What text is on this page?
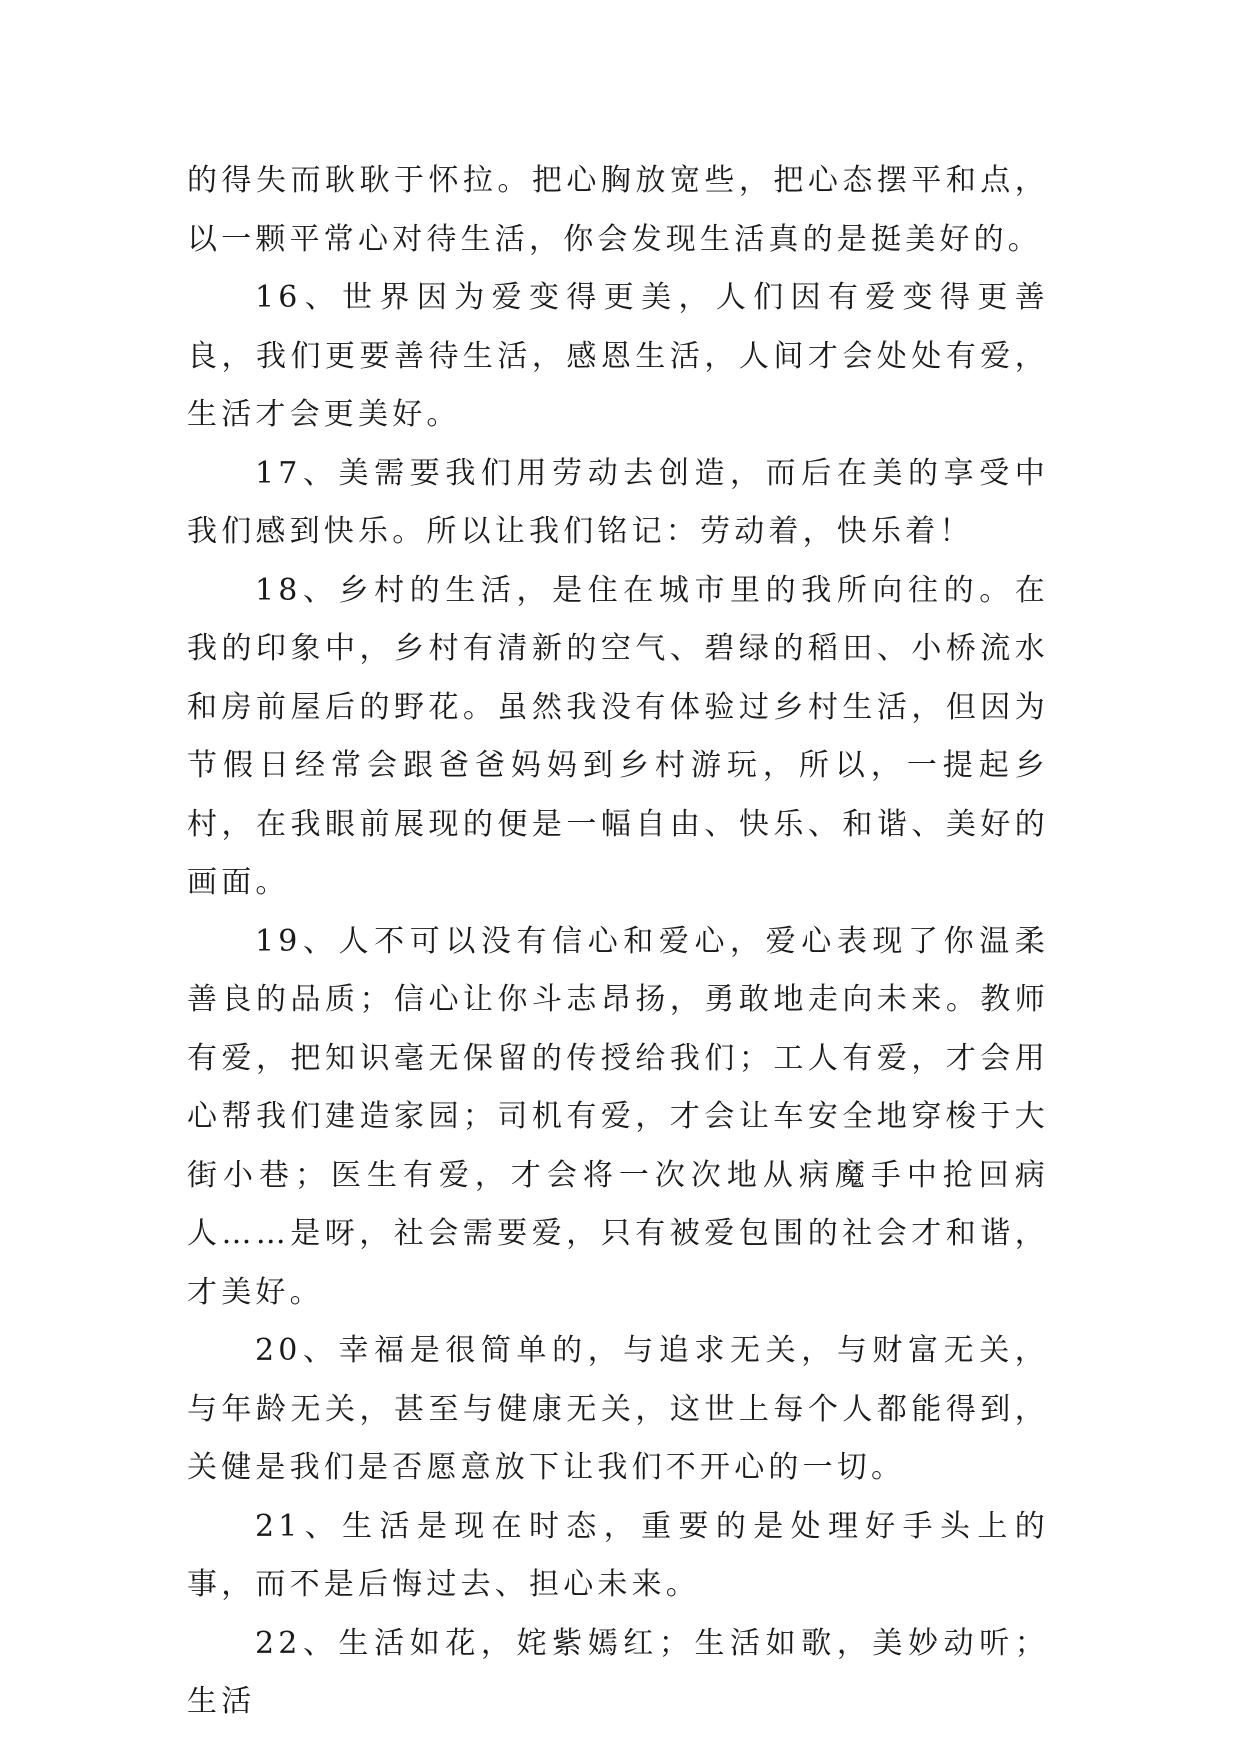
的得失而耿耿于怀拉。把心胸放宽些，把心态摆平和点，以一颗平常心对待生活，你会发现生活真的是挺美好的。

16、世界因为爱变得更美，人们因有爱变得更善良，我们更要善待生活，感恩生活，人间才会处处有爱，生活才会更美好。

17、美需要我们用劳动去创造，而后在美的享受中我们感到快乐。所以让我们铭记：劳动着，快乐着！

18、乡村的生活，是住在城市里的我所向往的。在我的印象中，乡村有清新的空气、碧绿的稻田、小桥流水和房前屋后的野花。虽然我没有体验过乡村生活，但因为节假日经常会跟爸爸妈妈到乡村游玩，所以，一提起乡村，在我眼前展现的便是一幅自由、快乐、和谐、美好的画面。

19、人不可以没有信心和爱心，爱心表现了你温柔善良的品质；信心让你斗志昂扬，勇敢地走向未来。教师有爱，把知识毫无保留的传授给我们；工人有爱，才会用心帮我们建造家园；司机有爱，才会让车安全地穿梭于大街小巷；医生有爱，才会将一次次地从病魔手中抢回病人……是呀，社会需要爱，只有被爱包围的社会才和谐，才美好。

20、幸福是很简单的，与追求无关，与财富无关，与年龄无关，甚至与健康无关，这世上每个人都能得到，关健是我们是否愿意放下让我们不开心的一切。

21、生活是现在时态，重要的是处理好手头上的事，而不是后悔过去、担心未来。

22、生活如花，姹紫嫣红；生活如歌，美妙动听；生活
